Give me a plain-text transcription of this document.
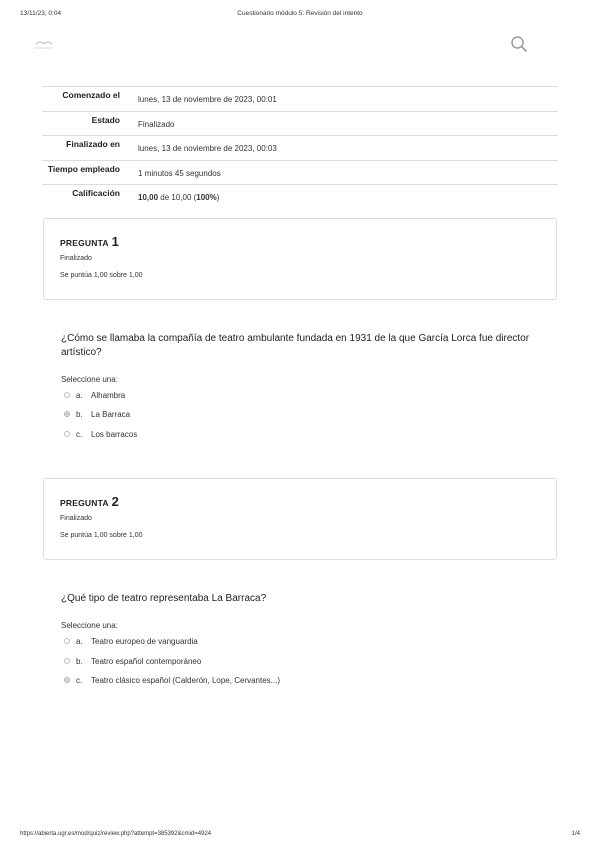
13/11/23, 0:04	Cuestionario módulo 5: Revisión del intento
Comenzado el	lunes, 13 de noviembre de 2023, 00:01
Estado	Finalizado
Finalizado en	lunes, 13 de noviembre de 2023, 00:03
Tiempo empleado	1 minutos 45 segundos
Calificación	10,00 de 10,00 (100%)
PREGUNTA 1
Finalizado
Se puntúa 1,00 sobre 1,00
¿Cómo se llamaba la compañía de teatro ambulante fundada en 1931 de la que García Lorca fue director artístico?
Seleccione una:
a.	Alhambra
b.	La Barraca
c.	Los barracos
PREGUNTA 2
Finalizado
Se puntúa 1,00 sobre 1,00
¿Qué tipo de teatro representaba La Barraca?
Seleccione una:
a.	Teatro europeo de vanguardia
b.	Teatro español contemporáneo
c.	Teatro clásico español (Calderón, Lope, Cervantes...)
https://abierta.ugr.es/mod/quiz/review.php?attempt=385392&cmid=4924	1/4
